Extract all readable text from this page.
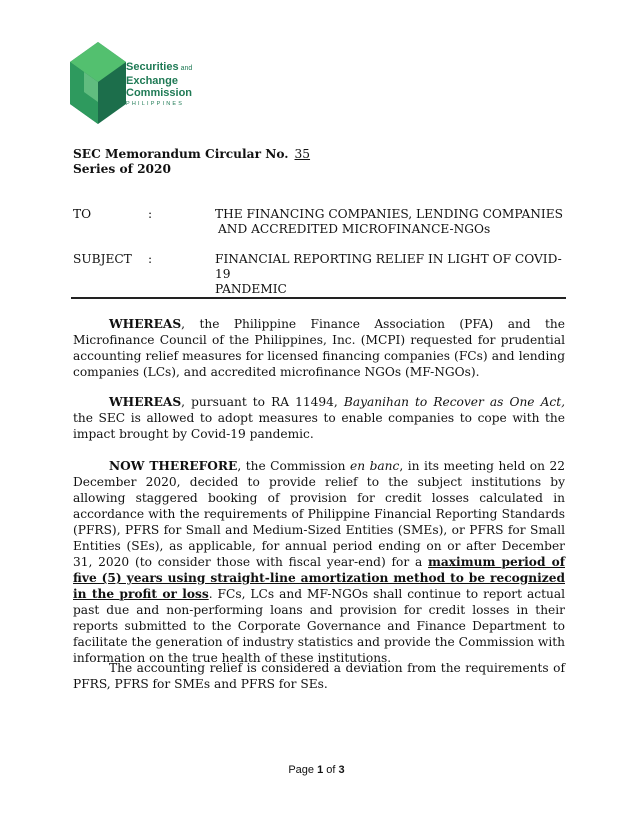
Securities and
Exchange
Commission
PHILIPPINES
SEC Memorandum Circular No. 35
Series of 2020
TO	:	THE FINANCING COMPANIES, LENDING COMPANIES
AND ACCREDITED MICROFINANCE-NGOs
SUBJECT :	FINANCIAL REPORTING RELIEF IN LIGHT OF COVID-19
PANDEMIC

WHEREAS, the Philippine Finance Association (PFA) and the Microfinance Council of the Philippines, Inc. (MCPI) requested for prudential accounting relief measures for licensed financing companies (FCs) and lending companies (LCs), and accredited microfinance NGOs (MF-NGOs).

WHEREAS, pursuant to RA 11494, Bayanihan to Recover as One Act, the SEC is allowed to adopt measures to enable companies to cope with the impact brought by Covid-19 pandemic.

NOW THEREFORE, the Commission en banc, in its meeting held on 22 December 2020, decided to provide relief to the subject institutions by allowing staggered booking of provision for credit losses calculated in accordance with the requirements of Philippine Financial Reporting Standards (PFRS), PFRS for Small and Medium-Sized Entities (SMEs), or PFRS for Small Entities (SEs), as applicable, for annual period ending on or after December 31, 2020 (to consider those with fiscal year-end) for a maximum period of five (5) years using straight-line amortization method to be recognized in the profit or loss. FCs, LCs and MF-NGOs shall continue to report actual past due and non-performing loans and provision for credit losses in their reports submitted to the Corporate Governance and Finance Department to facilitate the generation of industry statistics and provide the Commission with information on the true health of these institutions.

The accounting relief is considered a deviation from the requirements of PFRS, PFRS for SMEs and PFRS for SEs.

Page 1 of 3
